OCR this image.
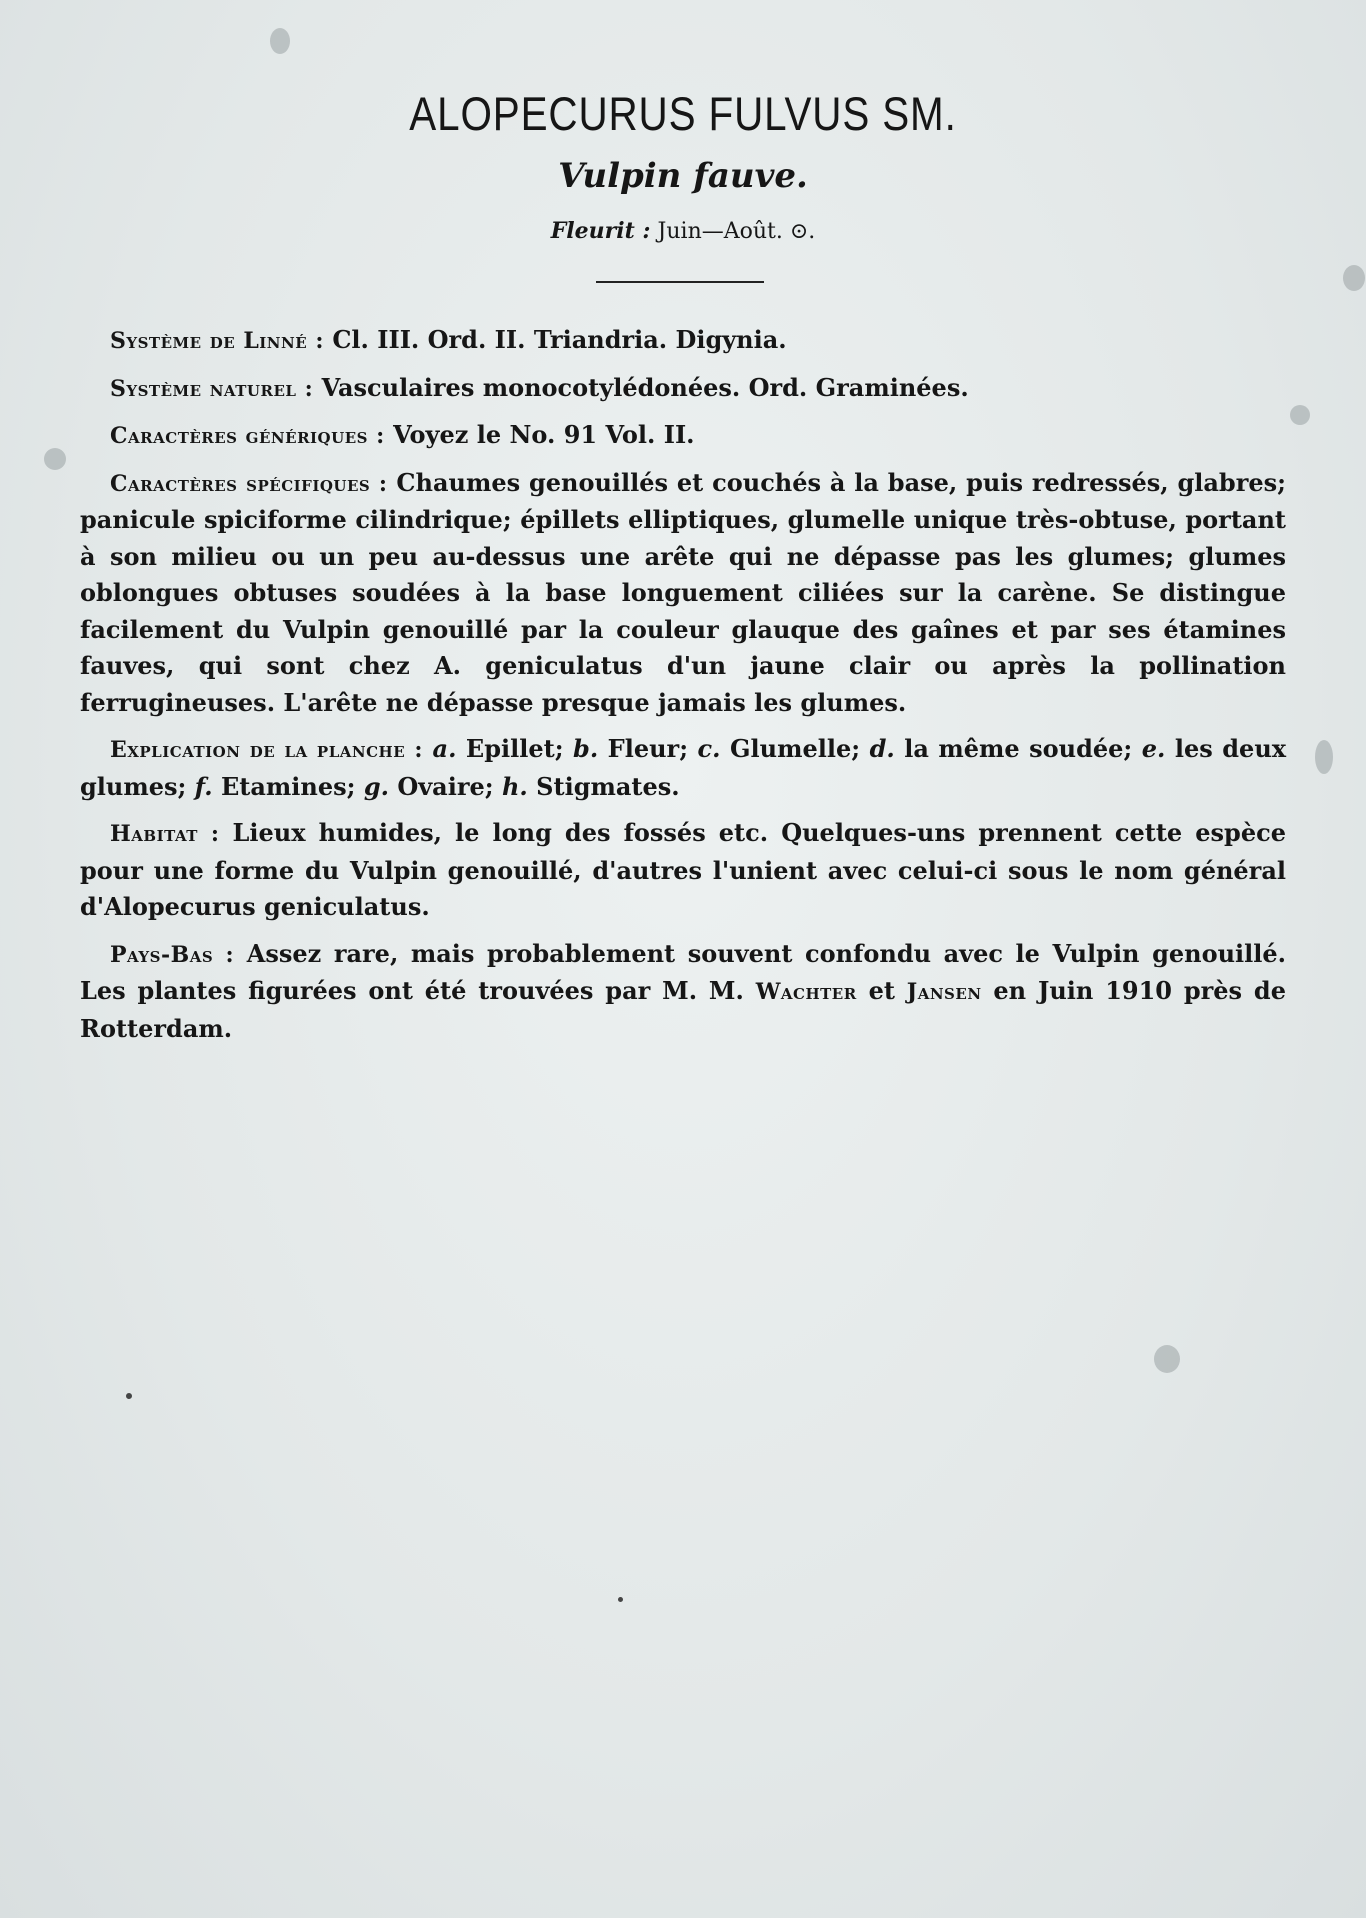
ALOPECURUS FULVUS SM.
Vulpin fauve.
Fleurit : Juin—Août. ⊙.

Système de Linné : Cl. III. Ord. II. Triandria. Digynia.

Système naturel : Vasculaires monocotylédonées. Ord. Graminées.

Caractères génériques : Voyez le No. 91 Vol. II.

Caractères spécifiques : Chaumes genouillés et couchés à la base, puis redressés, glabres; panicule spiciforme cilindrique; épillets elliptiques, glumelle unique très-obtuse, portant à son milieu ou un peu au-dessus une arête qui ne dépasse pas les glumes; glumes oblongues obtuses soudées à la base longuement ciliées sur la carène. Se distingue facilement du Vulpin genouillé par la couleur glauque des gaînes et par ses étamines fauves, qui sont chez A. geniculatus d'un jaune clair ou après la pollination ferrugineuses. L'arête ne dépasse presque jamais les glumes.

Explication de la planche : a. Epillet; b. Fleur; c. Glumelle; d. la même soudée; e. les deux glumes; f. Etamines; g. Ovaire; h. Stigmates.

Habitat : Lieux humides, le long des fossés etc. Quelques-uns prennent cette espèce pour une forme du Vulpin genouillé, d'autres l'unient avec celui-ci sous le nom général d'Alopecurus geniculatus.

Pays-Bas : Assez rare, mais probablement souvent confondu avec le Vulpin genouillé. Les plantes figurées ont été trouvées par M. M. Wachter et Jansen en Juin 1910 près de Rotterdam.
